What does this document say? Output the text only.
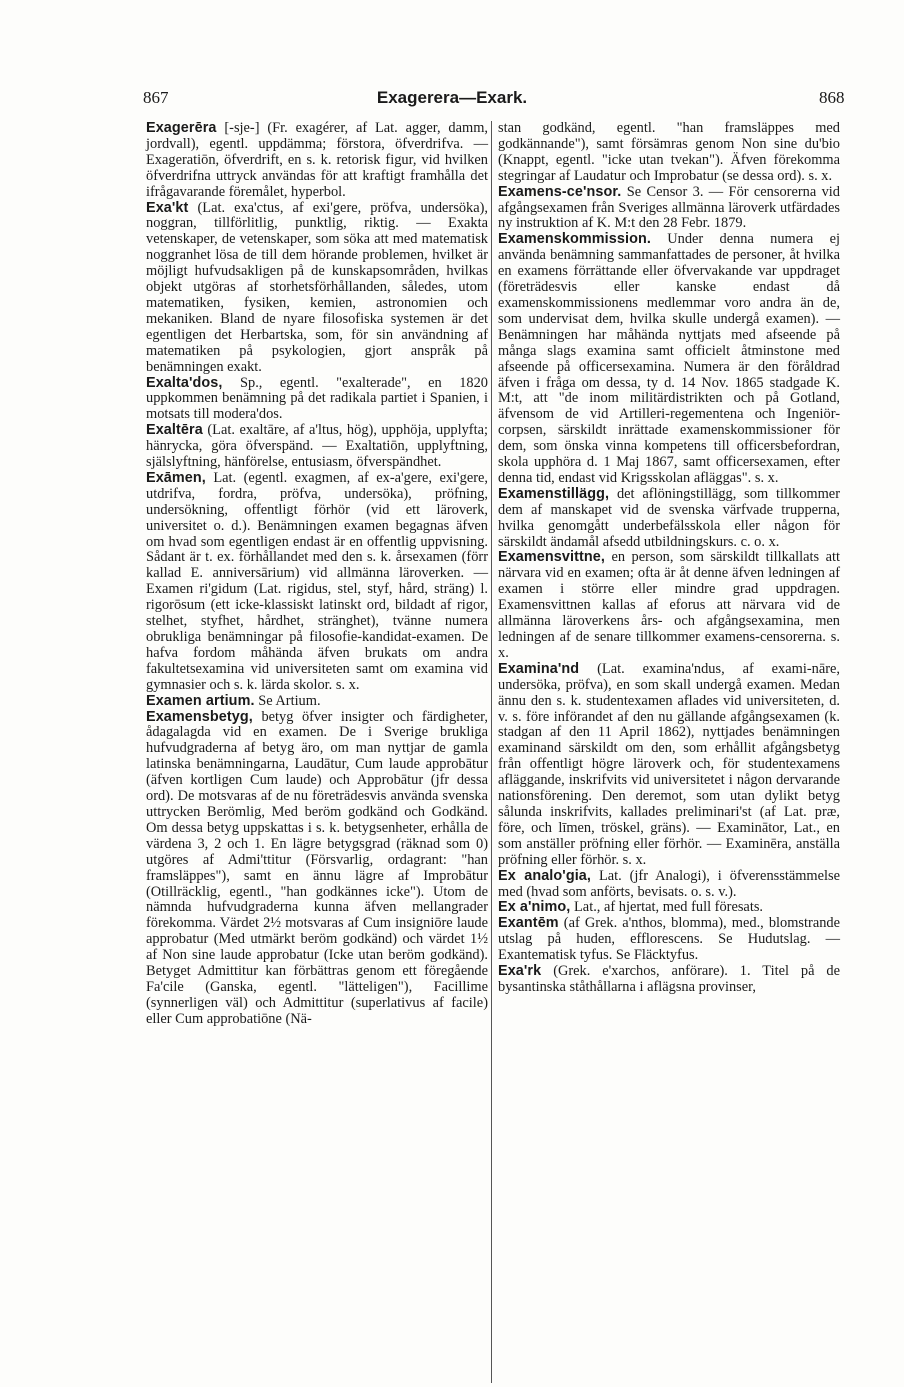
867	Exagerera—Exark.	868

Exagerēra [-sje-] (Fr. exagérer, af Lat. agger, damm, jordvall), egentl. uppdämma; förstora, öfverdrifva. — Exageratiōn, öfverdrift, en s. k. retorisk figur, vid hvilken öfverdrifna uttryck användas för att kraftigt framhålla det ifrågavarande föremålet, hyperbol.

Exa'kt (Lat. exa'ctus, af exi'gere, pröfva, undersöka), noggran, tillförlitlig, punktlig, riktig. — Exakta vetenskaper, de vetenskaper, som söka att med matematisk noggranhet lösa de till dem hörande problemen, hvilket är möjligt hufvudsakligen på de kunskapsområden, hvilkas objekt utgöras af storhetsförhållanden, således, utom matematiken, fysiken, kemien, astronomien och mekaniken. Bland de nyare filosofiska systemen är det egentligen det Herbartska, som, för sin användning af matematiken på psykologien, gjort anspråk på benämningen exakt.

Exalta'dos, Sp., egentl. "exalterade", en 1820 uppkommen benämning på det radikala partiet i Spanien, i motsats till modera'dos.

Exaltēra (Lat. exaltāre, af a'ltus, hög), upphöja, upplyfta; hänrycka, göra öfverspänd. — Exaltatiōn, upplyftning, själslyftning, hänförelse, entusiasm, öfverspändhet.

Exāmen, Lat. (egentl. exagmen, af ex-a'gere, exi'gere, utdrifva, fordra, pröfva, undersöka), pröfning, undersökning, offentligt förhör (vid ett läroverk, universitet o. d.). Benämningen examen begagnas äfven om hvad som egentligen endast är en offentlig uppvisning. Sådant är t. ex. förhållandet med den s. k. årsexamen (förr kallad E. anniversārium) vid allmänna läroverken. — Examen ri'gidum (Lat. rigidus, stel, styf, hård, sträng) l. rigorōsum (ett icke-klassiskt latinskt ord, bildadt af rigor, stelhet, styfhet, hårdhet, stränghet), tvänne numera obrukliga benämningar på filosofie-kandidat-examen. De hafva fordom måhända äfven brukats om andra fakultetsexamina vid universiteten samt om examina vid gymnasier och s. k. lärda skolor. s. x.

Examen artium. Se Artium.

Examensbetyg, betyg öfver insigter och färdigheter, ådagalagda vid en examen. De i Sverige brukliga hufvudgraderna af betyg äro, om man nyttjar de gamla latinska benämningarna, Laudātur, Cum laude approbātur (äfven kortligen Cum laude) och Approbātur (jfr dessa ord). De motsvaras af de nu företrädesvis använda svenska uttrycken Berömlig, Med beröm godkänd och Godkänd. Om dessa betyg uppskattas i s. k. betygsenheter, erhålla de värdena 3, 2 och 1. En lägre betygsgrad (räknad som 0) utgöres af Admi'ttitur (Försvarlig, ordagrant: "han framsläppes"), samt en ännu lägre af Improbātur (Otillräcklig, egentl., "han godkännes icke"). Utom de nämnda hufvudgraderna kunna äfven mellangrader förekomma. Värdet 2½ motsvaras af Cum insigniōre laude approbatur (Med utmärkt beröm godkänd) och värdet 1½ af Non sine laude approbatur (Icke utan beröm godkänd). Betyget Admittitur kan förbättras genom ett föregående Fa'cile (Ganska, egentl. "lätteligen"), Facillime (synnerligen väl) och Admittitur (superlativus af facile) eller Cum approbatiōne (Nä-

stan godkänd, egentl. "han framsläppes med godkännande"), samt försämras genom Non sine du'bio (Knappt, egentl. "icke utan tvekan"). Äfven förekomma stegringar af Laudatur och Improbatur (se dessa ord). s. x.

Examens-ce'nsor. Se Censor 3. — För censorerna vid afgångsexamen från Sveriges allmänna läroverk utfärdades ny instruktion af K. M:t den 28 Febr. 1879.

Examenskommission. Under denna numera ej använda benämning sammanfattades de personer, åt hvilka en examens förrättande eller öfvervakande var uppdraget (företrädesvis eller kanske endast då examenskommissionens medlemmar voro andra än de, som undervisat dem, hvilka skulle undergå examen). — Benämningen har måhända nyttjats med afseende på många slags examina samt officielt åtminstone med afseende på officersexamina. Numera är den föråldrad äfven i fråga om dessa, ty d. 14 Nov. 1865 stadgade K. M:t, att "de inom militärdistrikten och på Gotland, äfvensom de vid Artilleri-regementena och Ingeniör-corpsen, särskildt inrättade examenskommissioner för dem, som önska vinna kompetens till officersbefordran, skola upphöra d. 1 Maj 1867, samt officersexamen, efter denna tid, endast vid Krigsskolan afläggas". s. x.

Examenstillägg, det aflöningstillägg, som tillkommer dem af manskapet vid de svenska värfvade trupperna, hvilka genomgått underbefälsskola eller någon för särskildt ändamål afsedd utbildningskurs. c. o. x.

Examensvittne, en person, som särskildt tillkallats att närvara vid en examen; ofta är åt denne äfven ledningen af examen i större eller mindre grad uppdragen. Examensvittnen kallas af eforus att närvara vid de allmänna läroverkens års- och afgångsexamina, men ledningen af de senare tillkommer examens-censorerna. s. x.

Examina'nd (Lat. examina'ndus, af exami-nāre, undersöka, pröfva), en som skall undergå examen. Medan ännu den s. k. studentexamen aflades vid universiteten, d. v. s. före införandet af den nu gällande afgångsexamen (k. stadgan af den 11 April 1862), nyttjades benämningen examinand särskildt om den, som erhållit afgångsbetyg från offentligt högre läroverk och, för studentexamens afläggande, inskrifvits vid universitetet i någon dervarande nationsförening. Den deremot, som utan dylikt betyg sålunda inskrifvits, kallades preliminari'st (af Lat. præ, före, och līmen, tröskel, gräns). — Examinātor, Lat., en som anställer pröfning eller förhör. — Examinēra, anställa pröfning eller förhör. s. x.

Ex analo'gia, Lat. (jfr Analogi), i öfverensstämmelse med (hvad som anförts, bevisats. o. s. v.).

Ex a'nimo, Lat., af hjertat, med full föresats.

Exantēm (af Grek. a'nthos, blomma), med., blomstrande utslag på huden, efflorescens. Se Hudutslag. — Exantematisk tyfus. Se Fläcktyfus.

Exa'rk (Grek. e'xarchos, anförare). 1. Titel på de bysantinska ståthållarna i aflägsna provinser,
